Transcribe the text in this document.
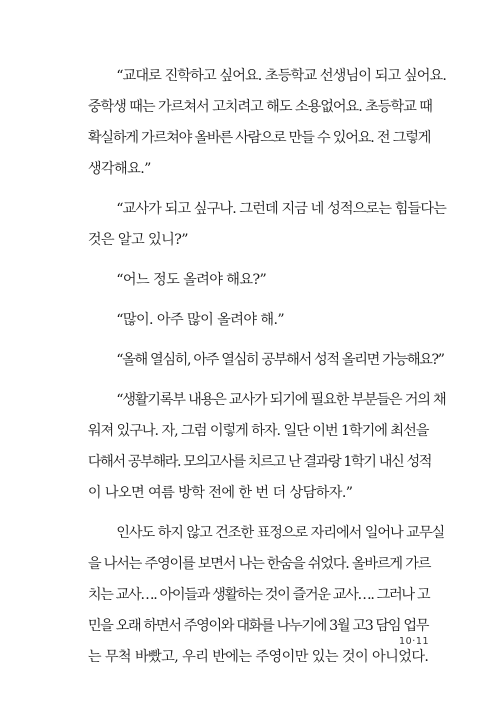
“교대로 진학하고 싶어요. 초등학교 선생님이 되고 싶어요.
중학생 때는 가르쳐서 고치려고 해도 소용없어요. 초등학교 때
확실하게 가르쳐야 올바른 사람으로 만들 수 있어요. 전 그렇게
생각해요.”

“교사가 되고 싶구나. 그런데 지금 네 성적으로는 힘들다는
것은 알고 있니?”

“어느 정도 올려야 해요?”

“많이. 아주 많이 올려야 해.”

“올해 열심히, 아주 열심히 공부해서 성적 올리면 가능해요?”

“생활기록부 내용은 교사가 되기에 필요한 부분들은 거의 채
워져 있구나. 자, 그럼 이렇게 하자. 일단 이번 1학기에 최선을
다해서 공부해라. 모의고사를 치르고 난 결과랑 1학기 내신 성적
이 나오면 여름 방학 전에 한 번 더 상담하자.”

인사도 하지 않고 건조한 표정으로 자리에서 일어나 교무실
을 나서는 주영이를 보면서 나는 한숨을 쉬었다. 올바르게 가르
치는 교사…. 아이들과 생활하는 것이 즐거운 교사…. 그러나 고
민을 오래 하면서 주영이와 대화를 나누기에 3월 고3 담임 업무
는 무척 바빴고, 우리 반에는 주영이만 있는 것이 아니었다.

10·11
